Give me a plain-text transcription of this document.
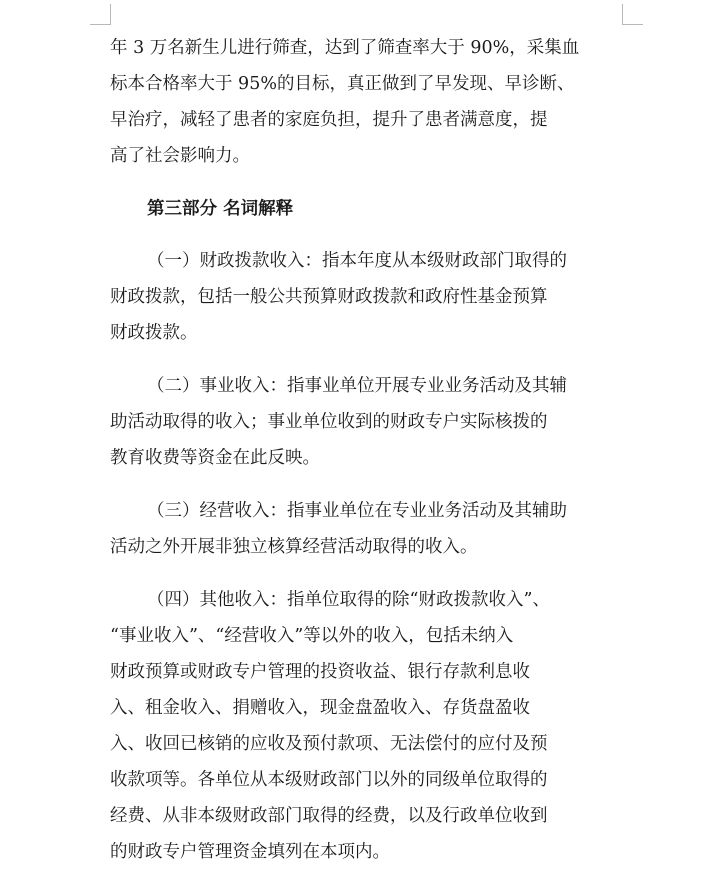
年 3 万名新生儿进行筛查，达到了筛查率大于 90%，采集血
标本合格率大于 95%的目标，真正做到了早发现、早诊断、
早治疗，减轻了患者的家庭负担，提升了患者满意度，提
高了社会影响力。
第三部分 名词解释
（一）财政拨款收入：指本年度从本级财政部门取得的
财政拨款，包括一般公共预算财政拨款和政府性基金预算
财政拨款。
（二）事业收入：指事业单位开展专业业务活动及其辅
助活动取得的收入；事业单位收到的财政专户实际核拨的
教育收费等资金在此反映。
（三）经营收入：指事业单位在专业业务活动及其辅助
活动之外开展非独立核算经营活动取得的收入。
（四）其他收入：指单位取得的除“财政拨款收入”、
“事业收入”、“经营收入”等以外的收入，包括未纳入
财政预算或财政专户管理的投资收益、银行存款利息收
入、租金收入、捐赠收入，现金盘盈收入、存货盘盈收
入、收回已核销的应收及预付款项、无法偿付的应付及预
收款项等。各单位从本级财政部门以外的同级单位取得的
经费、从非本级财政部门取得的经费，以及行政单位收到
的财政专户管理资金填列在本项内。
